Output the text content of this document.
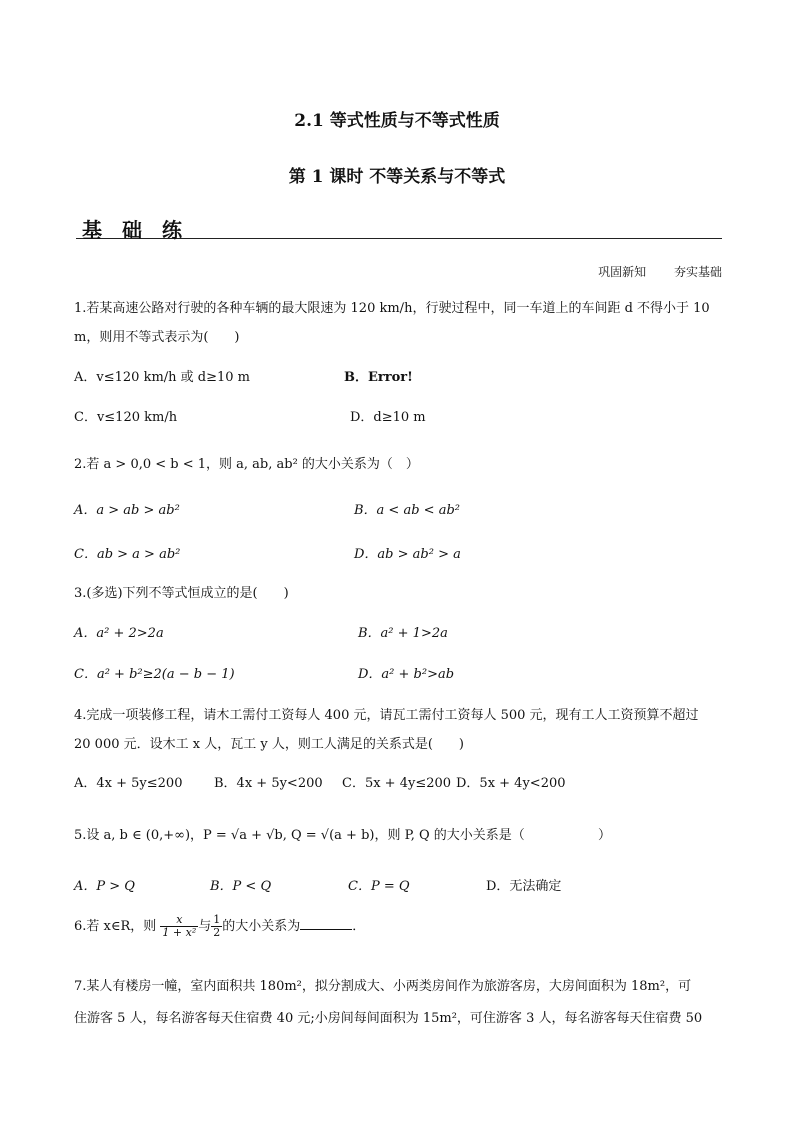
2.1 等式性质与不等式性质
第 1 课时 不等关系与不等式
基础练
巩固新知 夯实基础
1.若某高速公路对行驶的各种车辆的最大限速为 120 km/h，行驶过程中，同一车道上的车间距 d 不得小于 10
m，则用不等式表示为(　　)
A．v≤120 km/h 或 d≥10 m	B．Error!
C．v≤120 km/h	D．d≥10 m
2.若 a > 0,0 < b < 1，则 a, ab, ab² 的大小关系为（　）
A．a > ab > ab²	B．a < ab < ab²
C．ab > a > ab²	D．ab > ab² > a
3.(多选)下列不等式恒成立的是(　　)
A．a² + 2>2a	B．a² + 1>2a
C．a² + b²≥2(a − b − 1)	D．a² + b²>ab
4.完成一项装修工程，请木工需付工资每人 400 元，请瓦工需付工资每人 500 元，现有工人工资预算不超过
20 000 元．设木工 x 人，瓦工 y 人，则工人满足的关系式是(　　)
A．4x + 5y≤200 B．4x + 5y<200 C．5x + 4y≤200 D．5x + 4y<200
5.设 a, b ∈ (0,+∞)，P = √a + √b, Q = √(a + b)，则 P, Q 的大小关系是（	）
A．P > Q	B．P < Q	C．P = Q	D．无法确定
6.若 x∈R，则 $\frac{x}{\text{1 + x²}}$ 与 $\frac{1}{2}$ 的大小关系为	．
7.某人有楼房一幢，室内面积共 180m²，拟分割成大、小两类房间作为旅游客房，大房间面积为 18m²，可
住游客 5 人，每名游客每天住宿费 40 元;小房间每间面积为 15m²，可住游客 3 人，每名游客每天住宿费 50
